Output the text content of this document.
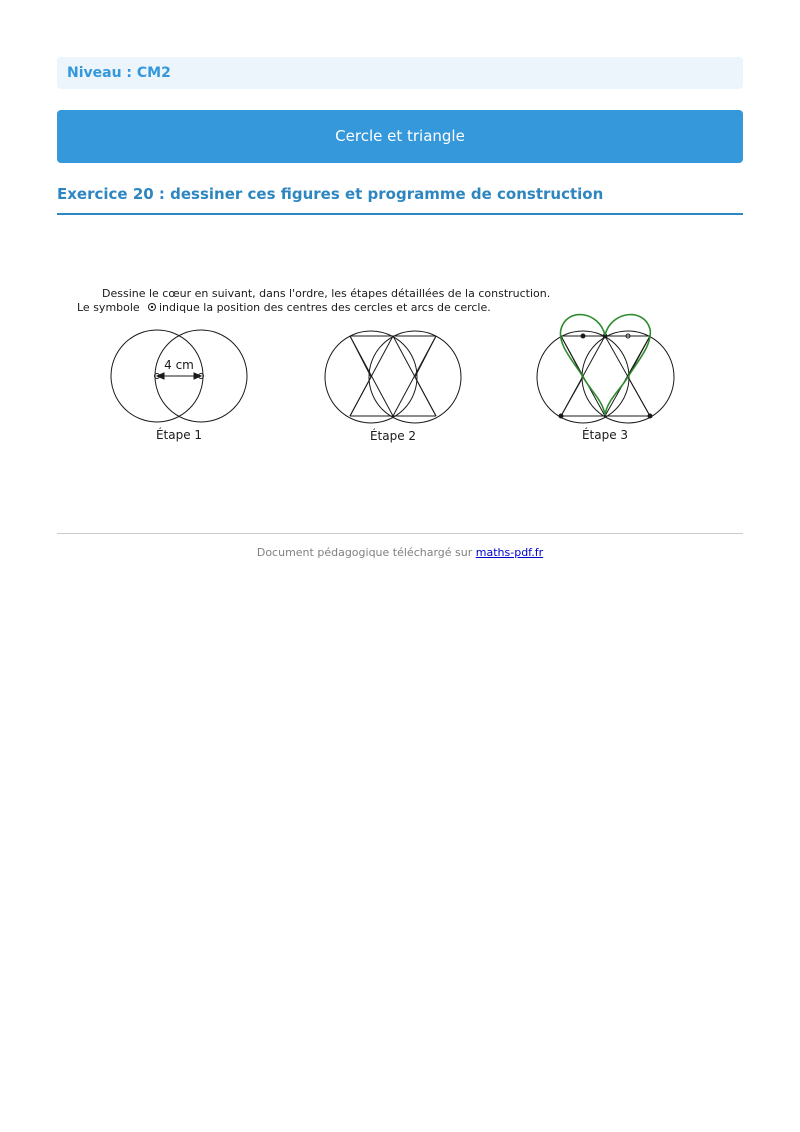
Niveau : CM2
Cercle et triangle
Exercice 20 : dessiner ces figures et programme de construction
Dessine le cœur en suivant, dans l'ordre, les étapes détaillées de la construction.
Le symbole indique la position des centres des cercles et arcs de cercle.
4 cm
Étape 1	Étape 2	Étape 3
Document pédagogique téléchargé sur maths-pdf.fr
